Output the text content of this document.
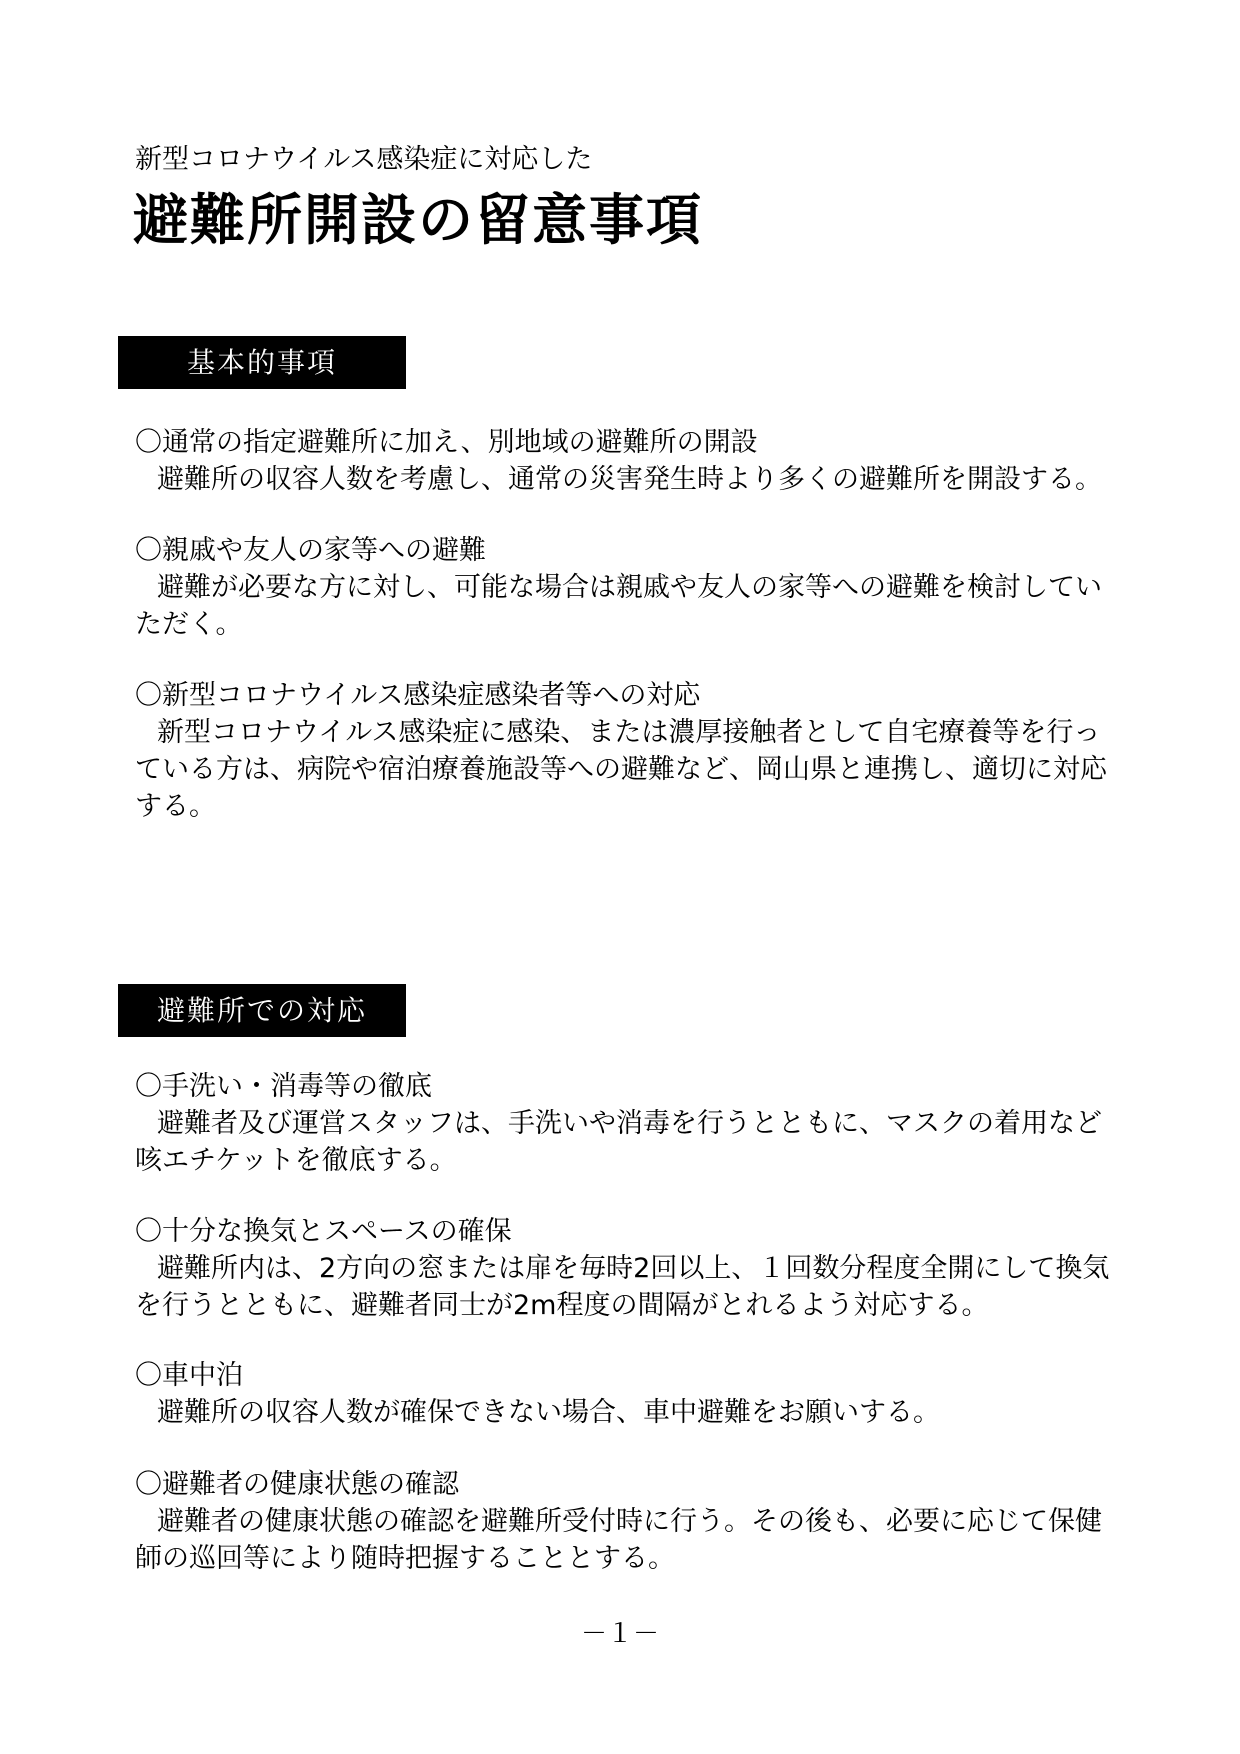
新型コロナウイルス感染症に対応した
避難所開設の留意事項
基本的事項
〇通常の指定避難所に加え、別地域の避難所の開設
避難所の収容人数を考慮し、通常の災害発生時より多くの避難所を開設する。
〇親戚や友人の家等への避難
避難が必要な方に対し、可能な場合は親戚や友人の家等への避難を検討していただく。
〇新型コロナウイルス感染症感染者等への対応
新型コロナウイルス感染症に感染、または濃厚接触者として自宅療養等を行っている方は、病院や宿泊療養施設等への避難など、岡山県と連携し、適切に対応する。
避難所での対応
〇手洗い・消毒等の徹底
避難者及び運営スタッフは、手洗いや消毒を行うとともに、マスクの着用など咳エチケットを徹底する。
〇十分な換気とスペースの確保
避難所内は、2方向の窓または扉を毎時2回以上、１回数分程度全開にして換気を行うとともに、避難者同士が2m程度の間隔がとれるよう対応する。
〇車中泊
避難所の収容人数が確保できない場合、車中避難をお願いする。
〇避難者の健康状態の確認
避難者の健康状態の確認を避難所受付時に行う。その後も、必要に応じて保健師の巡回等により随時把握することとする。
－１－
